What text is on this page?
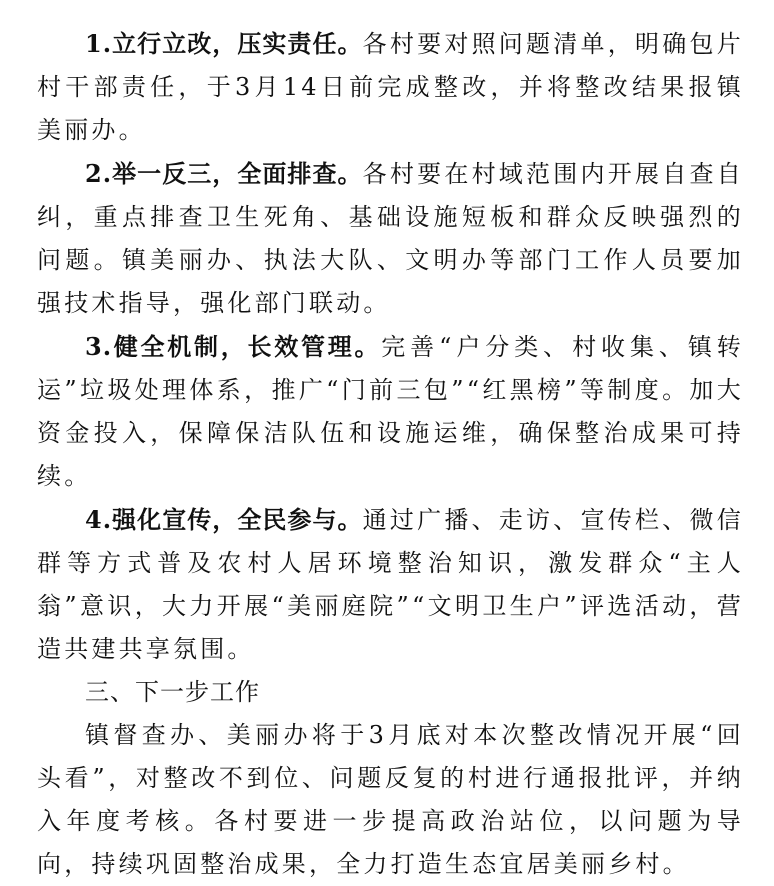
1.立行立改，压实责任。各村要对照问题清单，明确包片村干部责任，于3月14日前完成整改，并将整改结果报镇美丽办。

2.举一反三，全面排查。各村要在村域范围内开展自查自纠，重点排查卫生死角、基础设施短板和群众反映强烈的问题。镇美丽办、执法大队、文明办等部门工作人员要加强技术指导，强化部门联动。

3.健全机制，长效管理。完善“户分类、村收集、镇转运”垃圾处理体系，推广“门前三包”“红黑榜”等制度。加大资金投入，保障保洁队伍和设施运维，确保整治成果可持续。

4.强化宣传，全民参与。通过广播、走访、宣传栏、微信群等方式普及农村人居环境整治知识，激发群众“主人翁”意识，大力开展“美丽庭院”“文明卫生户”评选活动，营造共建共享氛围。

三、下一步工作

镇督查办、美丽办将于3月底对本次整改情况开展“回头看”，对整改不到位、问题反复的村进行通报批评，并纳入年度考核。各村要进一步提高政治站位，以问题为导向，持续巩固整治成果，全力打造生态宜居美丽乡村。
